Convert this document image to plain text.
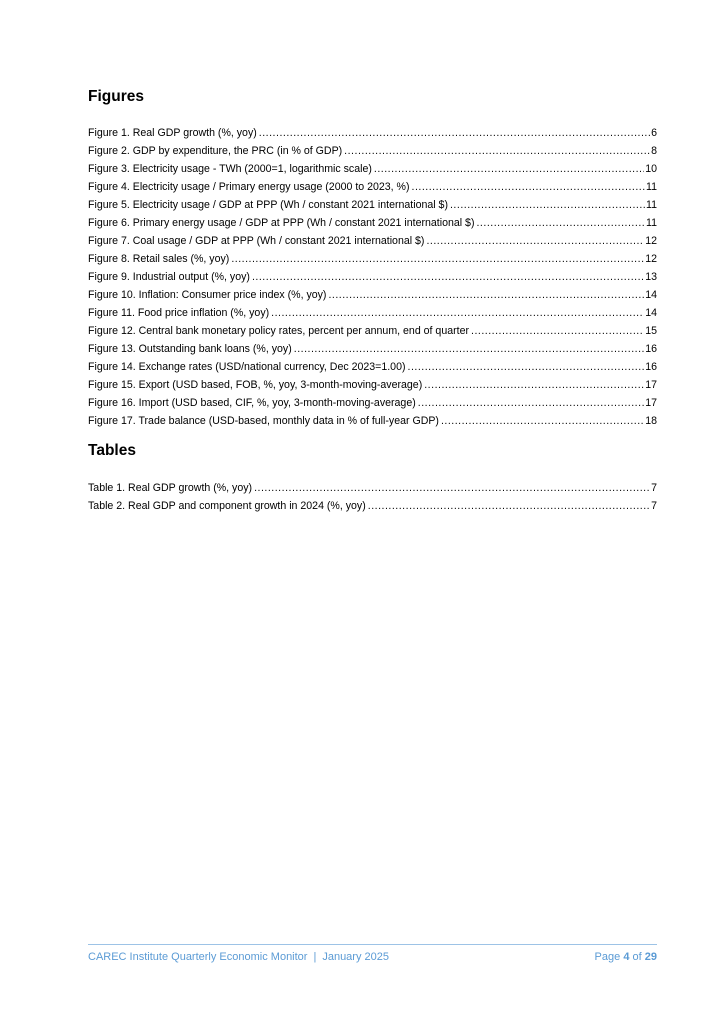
Figures
Figure 1. Real GDP growth (%, yoy) .....	6
Figure 2. GDP by expenditure, the PRC (in % of GDP) .....	8
Figure 3. Electricity usage - TWh (2000=1, logarithmic scale) .....	10
Figure 4. Electricity usage / Primary energy usage (2000 to 2023, %) .....	11
Figure 5. Electricity usage / GDP at PPP (Wh / constant 2021 international $) .....	11
Figure 6. Primary energy usage / GDP at PPP (Wh / constant 2021 international $) .....	11
Figure 7. Coal usage / GDP at PPP (Wh / constant 2021 international $) .....	12
Figure 8. Retail sales (%, yoy) .....	12
Figure 9. Industrial output (%, yoy) .....	13
Figure 10. Inflation: Consumer price index (%, yoy) .....	14
Figure 11. Food price inflation (%, yoy) .....	14
Figure 12. Central bank monetary policy rates, percent per annum, end of quarter .....	15
Figure 13. Outstanding bank loans (%, yoy) .....	16
Figure 14. Exchange rates (USD/national currency, Dec 2023=1.00) .....	16
Figure 15. Export (USD based, FOB, %, yoy, 3-month-moving-average) .....	17
Figure 16. Import (USD based, CIF, %, yoy, 3-month-moving-average) .....	17
Figure 17. Trade balance (USD-based, monthly data in % of full-year GDP) .....	18
Tables
Table 1. Real GDP growth (%, yoy) .....	7
Table 2. Real GDP and component growth in 2024 (%, yoy) .....	7
CAREC Institute Quarterly Economic Monitor | January 2025	Page 4 of 29
